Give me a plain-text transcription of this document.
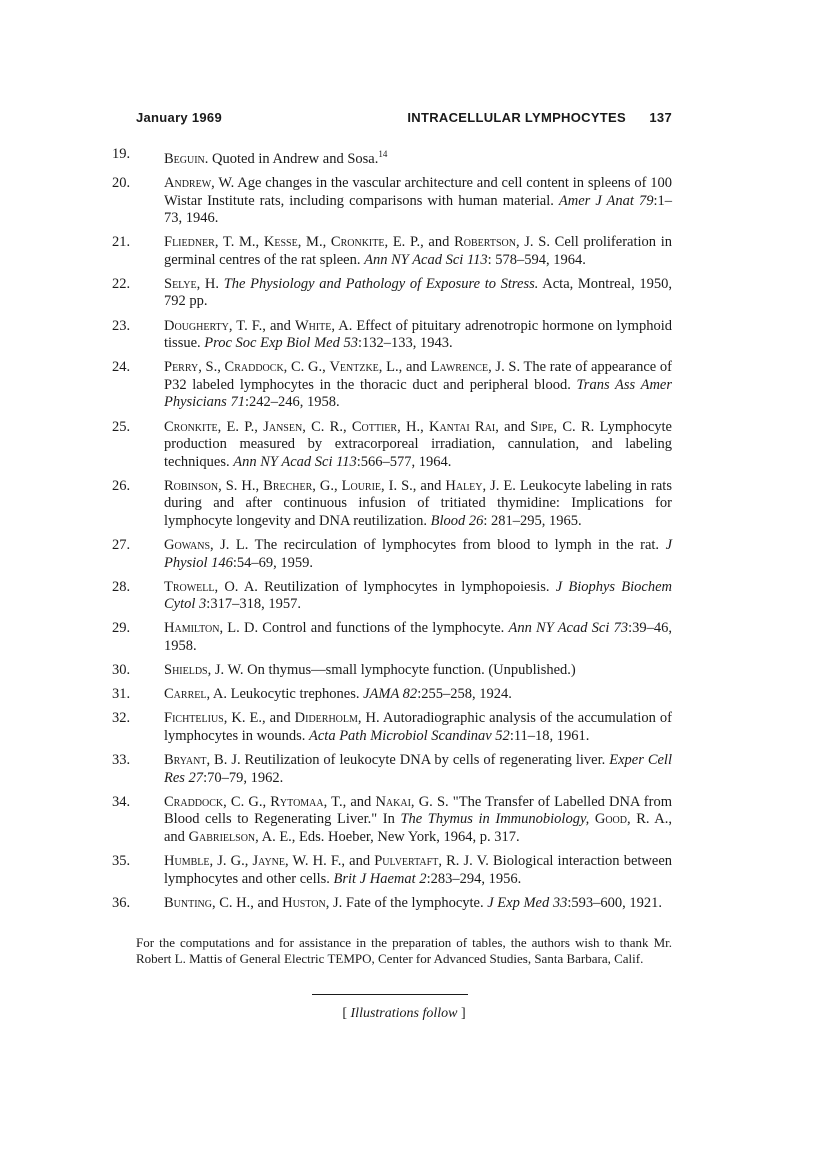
January 1969	INTRACELLULAR LYMPHOCYTES 137
19. Beguin. Quoted in Andrew and Sosa.$^{14}$
20. Andrew, W. Age changes in the vascular architecture and cell content in spleens of 100 Wistar Institute rats, including comparisons with human material. Amer J Anat 79:1–73, 1946.
21. Fliedner, T. M., Kesse, M., Cronkite, E. P., and Robertson, J. S. Cell proliferation in germinal centres of the rat spleen. Ann NY Acad Sci 113: 578–594, 1964.
22. Selye, H. The Physiology and Pathology of Exposure to Stress. Acta, Montreal, 1950, 792 pp.
23. Dougherty, T. F., and White, A. Effect of pituitary adrenotropic hormone on lymphoid tissue. Proc Soc Exp Biol Med 53:132–133, 1943.
24. Perry, S., Craddock, C. G., Ventzke, L., and Lawrence, J. S. The rate of appearance of P32 labeled lymphocytes in the thoracic duct and peripheral blood. Trans Ass Amer Physicians 71:242–246, 1958.
25. Cronkite, E. P., Jansen, C. R., Cottier, H., Kantai Rai, and Sipe, C. R. Lymphocyte production measured by extracorporeal irradiation, cannulation, and labeling techniques. Ann NY Acad Sci 113:566–577, 1964.
26. Robinson, S. H., Brecher, G., Lourie, I. S., and Haley, J. E. Leukocyte labeling in rats during and after continuous infusion of tritiated thymidine: Implications for lymphocyte longevity and DNA reutilization. Blood 26: 281–295, 1965.
27. Gowans, J. L. The recirculation of lymphocytes from blood to lymph in the rat. J Physiol 146:54–69, 1959.
28. Trowell, O. A. Reutilization of lymphocytes in lymphopoiesis. J Biophys Biochem Cytol 3:317–318, 1957.
29. Hamilton, L. D. Control and functions of the lymphocyte. Ann NY Acad Sci 73:39–46, 1958.
30. Shields, J. W. On thymus—small lymphocyte function. (Unpublished.)
31. Carrel, A. Leukocytic trephones. JAMA 82:255–258, 1924.
32. Fichtelius, K. E., and Diderholm, H. Autoradiographic analysis of the accumulation of lymphocytes in wounds. Acta Path Microbiol Scandinav 52:11–18, 1961.
33. Bryant, B. J. Reutilization of leukocyte DNA by cells of regenerating liver. Exper Cell Res 27:70–79, 1962.
34. Craddock, C. G., Rytomaa, T., and Nakai, G. S. "The Transfer of Labelled DNA from Blood cells to Regenerating Liver." In The Thymus in Immunobiology, Good, R. A., and Gabrielson, A. E., Eds. Hoeber, New York, 1964, p. 317.
35. Humble, J. G., Jayne, W. H. F., and Pulvertaft, R. J. V. Biological interaction between lymphocytes and other cells. Brit J Haemat 2:283–294, 1956.
36. Bunting, C. H., and Huston, J. Fate of the lymphocyte. J Exp Med 33:593–600, 1921.
For the computations and for assistance in the preparation of tables, the authors wish to thank Mr. Robert L. Mattis of General Electric TEMPO, Center for Advanced Studies, Santa Barbara, Calif.
[ Illustrations follow ]
